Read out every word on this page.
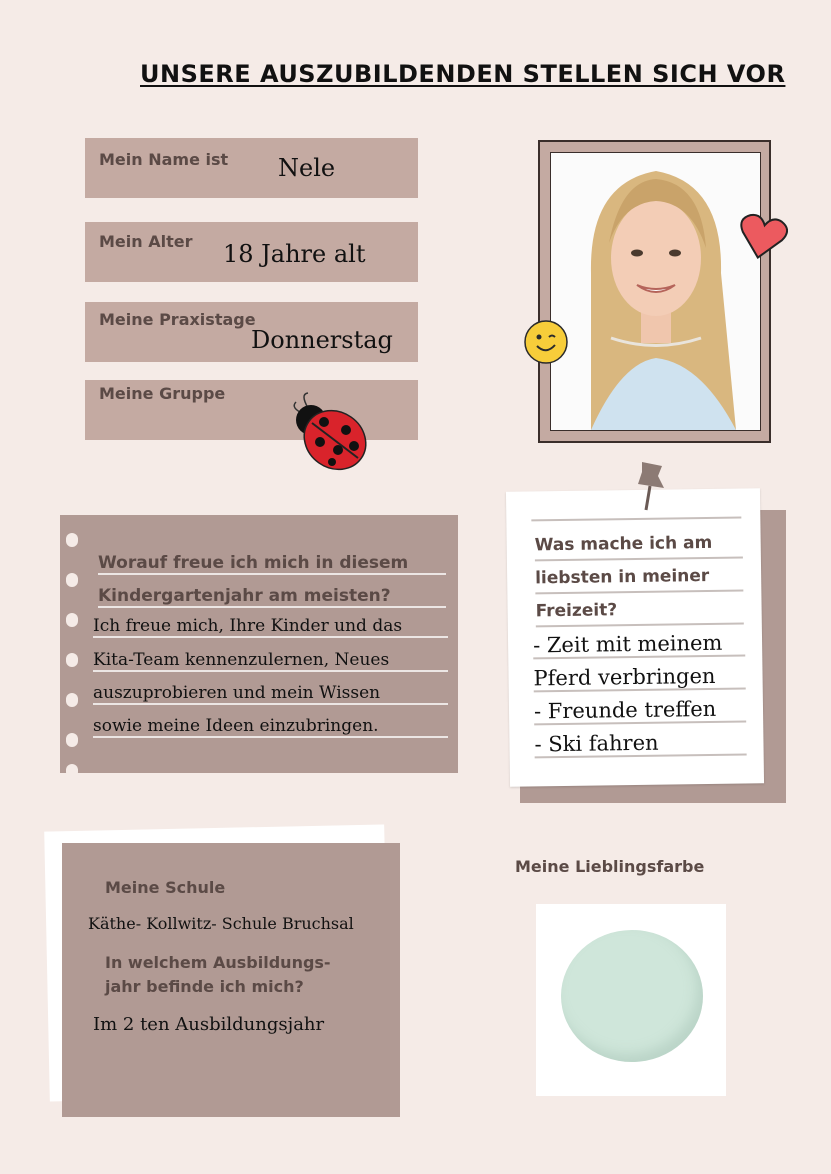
UNSERE AUSZUBILDENDEN STELLEN SICH VOR
Mein Name ist Nele
Mein Alter 18 Jahre alt
Meine Praxistage
Donnerstag
Meine Gruppe
Worauf freue ich mich in diesem
Kindergartenjahr am meisten?
Ich freue mich, Ihre Kinder und das
Kita-Team kennenzulernen, Neues
auszuprobieren und mein Wissen
sowie meine Ideen einzubringen.
Was mache ich am
liebsten in meiner
Freizeit?
- Zeit mit meinem
Pferd verbringen
- Freunde treffen
- Ski fahren
Meine Schule
Käthe- Kollwitz- Schule Bruchsal
In welchem Ausbildungs-
jahr befinde ich mich?
Im 2 ten Ausbildungsjahr
Meine Lieblingsfarbe
